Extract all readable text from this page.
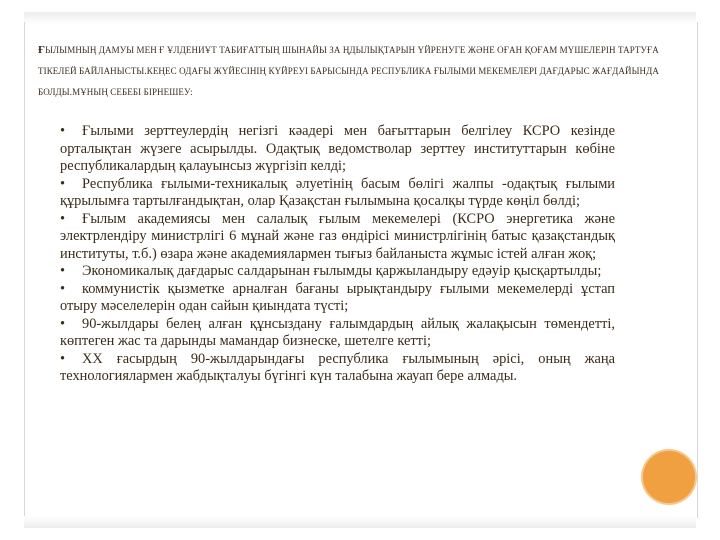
ҒЫЛЫМНЫҢ ДАМУЫ МЕН Ғ ҰЛДЕНИҰТ ТАБИҒАТТЫҢ ШЫНАЙЫ ЗА ҢДЫЛЫҚТАРЫН ҮЙРЕНУГЕ ЖӘНЕ ОҒАН ҚОҒАМ МҮШЕЛЕРІН ТАРТУҒА ТІКЕЛЕЙ БАЙЛАНЫСТЫ.КЕҢЕС ОДАҒЫ ЖҮЙЕСІНІҢ КҮЙРЕУІ БАРЫСЫНДА РЕСПУБЛИКА ҒЫЛЫМИ МЕКЕМЕЛЕРІ ДАҒДАРЫС ЖАҒДАЙЫНДА БОЛДЫ.МҰНЫҢ СЕБЕБІ БІРНЕШЕУ:

• Ғылыми зерттеулердің негізгі кәадері мен бағыттарын белгілеу КСРО кезінде орталықтан жүзеге асырылды. Одақтық ведомстволар зерттеу институттарын көбіне республикалардың қалауынсыз жүргізіп келді;

• Республика ғылыми-техникалық әлуетінің басым бөлігі жалпы -одақтық ғылыми құрылымға тартылғандықтан, олар Қазақстан ғылымына қосалқы түрде көңіл бөлді;

• Ғылым академиясы мен салалық ғылым мекемелері (КСРО энергетика және электрлендіру министрлігі 6 мұнай және газ өндірісі министрлігінің батыс қазақстандық институты, т.б.) өзара және академиялармен тығыз байланыста жұмыс істей алған жоқ;

• Экономикалық дағдарыс салдарынан ғылымды қаржыландыру едәуір қысқартылды;

• коммунистік қызметке арналған бағаны ырықтандыру ғылыми мекемелерді ұстап отыру мәселелерін одан сайын қиындата түсті;

• 90-жылдары белең алған құнсыздану ғалымдардың айлық жалақысын төмендетті, көптеген жас та дарынды мамандар бизнеске, шетелге кетті;

• ХХ ғасырдың 90-жылдарындағы республика ғылымының әрісі, оның жаңа технологиялармен жабдықталуы бүгінгі күн талабына жауап бере алмады.
